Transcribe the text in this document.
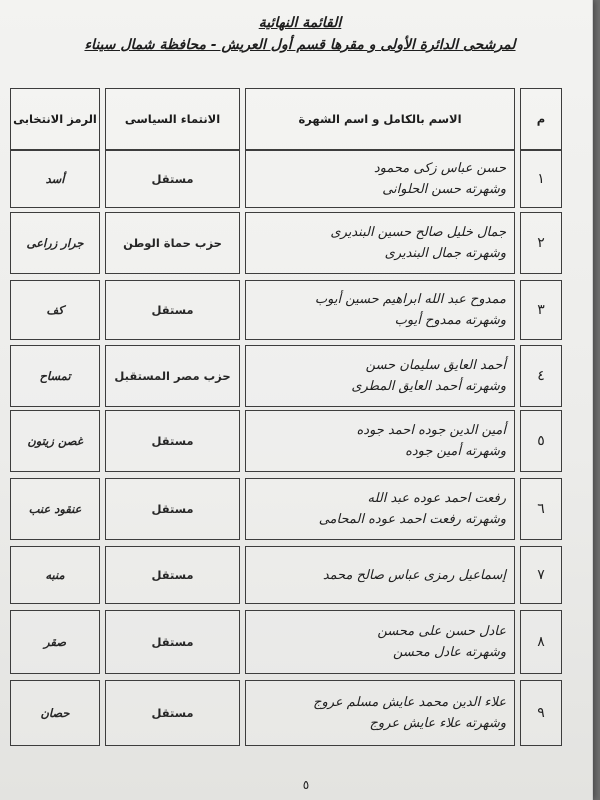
القائمة النهائية
لمرشحى الدائرة الأولى و مقرها قسم أول العريش - محافظة شمال سيناء
م
الاسم بالكامل و اسم الشهرة
الانتماء السياسى
الرمز الانتخابى
١
حسن عباس زكى محمود
وشهرته حسن الحلوانى
مستقل
أسد
٢
جمال خليل صالح حسين البنديرى
وشهرته جمال البنديرى
حزب حماة الوطن
جرار زراعى
٣
ممدوح عبد الله ابراهيم حسين أيوب
وشهرته ممدوح أيوب
مستقل
كف
٤
أحمد العايق سليمان حسن
وشهرته أحمد العايق المطرى
حزب مصر المستقبل
تمساح
٥
أمين الدين جوده احمد جوده
وشهرته أمين جوده
مستقل
غصن زيتون
٦
رفعت احمد عوده عبد الله
وشهرته رفعت احمد عوده المحامى
مستقل
عنقود عنب
٧
إسماعيل رمزى عباس صالح محمد
مستقل
منبه
٨
عادل حسن على محسن
وشهرته عادل محسن
مستقل
صقر
٩
علاء الدين محمد عايش مسلم عروج
وشهرته علاء عايش عروج
مستقل
حصان
٥
